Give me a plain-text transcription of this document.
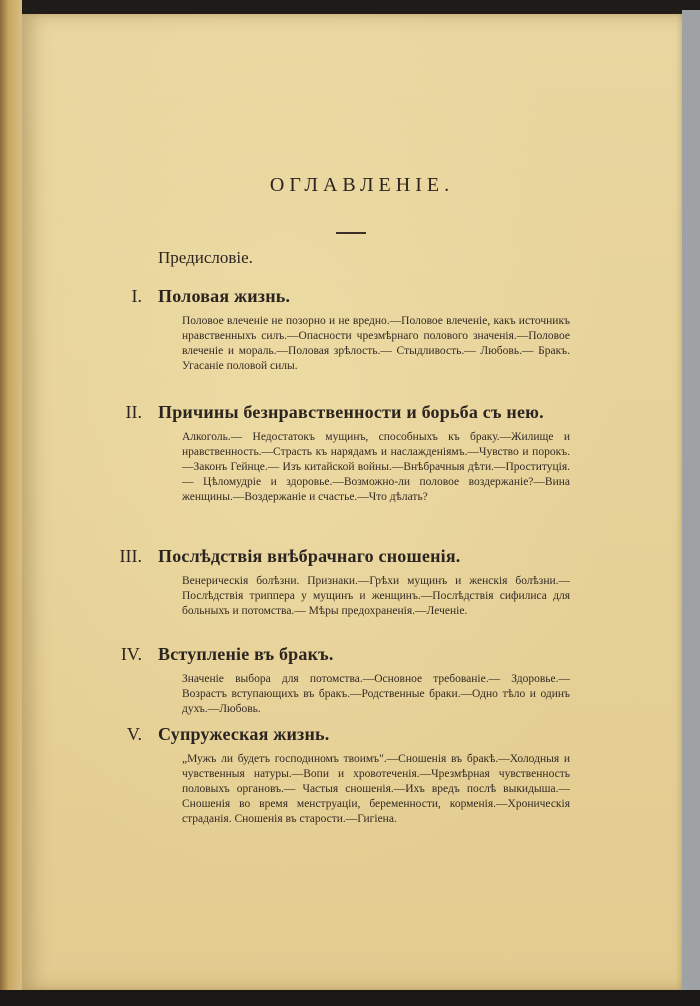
ОГЛАВЛЕНІЕ.
Предисловіе.
I. Половая жизнь.
Половое влеченіе не позорно и не вредно.—Половое влеченіе, какъ источникъ нравственныхъ силъ.—Опасности чрезмѣрнаго полового значенія.—Половое влеченіе и мораль.—Половая зрѣлость.— Стыдливость.— Любовь.— Бракъ. Угасаніе половой силы.
II. Причины безнравственности и борьба съ нею.
Алкоголь.— Недостатокъ мущинъ, способныхъ къ браку.—Жилище и нравственность.—Страсть къ нарядамъ и наслажденіямъ.—Чувство и порокъ.—Законъ Гейнце.— Изъ китайской войны.—Внѣбрачныя дѣти.—Проституція.— Цѣломудріе и здоровье.—Возможно-ли половое воздержаніе?—Вина женщины.—Воздержаніе и счастье.—Что дѣлать?
III. Послѣдствія внѣбрачнаго сношенія.
Венерическія болѣзни. Признаки.—Грѣхи мущинъ и женскія болѣзни.—Послѣдствія триппера у мущинъ и женщинъ.—Послѣдствія сифилиса для больныхъ и потомства.— Мѣры предохраненія.—Леченіе.
IV. Вступленіе въ бракъ.
Значеніе выбора для потомства.—Основное требованіе.— Здоровье.—Возрастъ вступающихъ въ бракъ.—Родственные браки.—Одно тѣло и одинъ духъ.—Любовь.
V. Супружеская жизнь.
„Мужъ ли будетъ господиномъ твоимъ".—Сношенія въ бракѣ.—Холодныя и чувственныя натуры.—Вопи и хровотеченія.—Чрезмѣрная чувственность половыхъ органовъ.— Частыя сношенія.—Ихъ вредъ послѣ выкидыша.—Сношенія во время менструаціи, беременности, корменія.—Хроническія страданія. Сношенія въ старости.—Гигіена.
